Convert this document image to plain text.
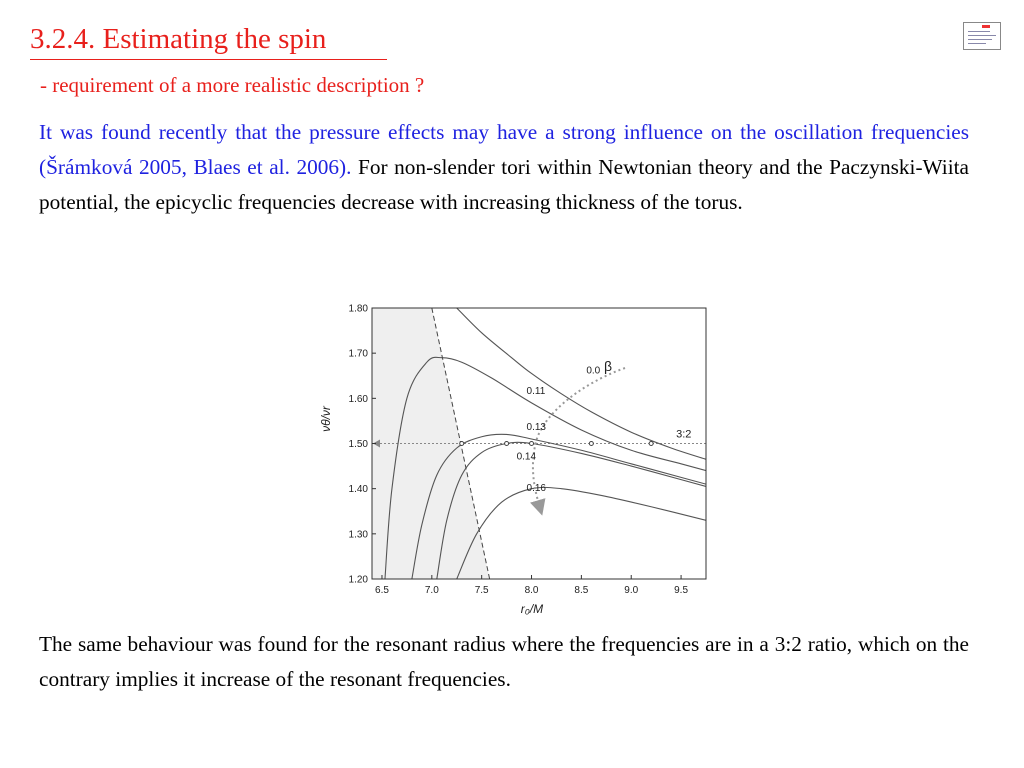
3.2.4. Estimating the spin
- requirement of a more realistic description ?
It was found recently that the pressure effects may have a strong influence on the oscillation frequencies (Šrámková 2005, Blaes et al. 2006). For non-slender tori within Newtonian theory and the Paczynski-Wiita potential, the epicyclic frequencies decrease with increasing thickness of the torus.
3:2
β
0.0
0.11
0.13
0.14
0.16
6.5	7.0	7.5	8.0	8.5	9.0	9.5
1.20
1.30
1.40
1.50
1.60
1.70
1.80
r₀/M
νθ/νr
The same behaviour was found for the resonant radius where the frequencies are in a 3:2 ratio, which on the contrary implies it increase of the resonant frequencies.
